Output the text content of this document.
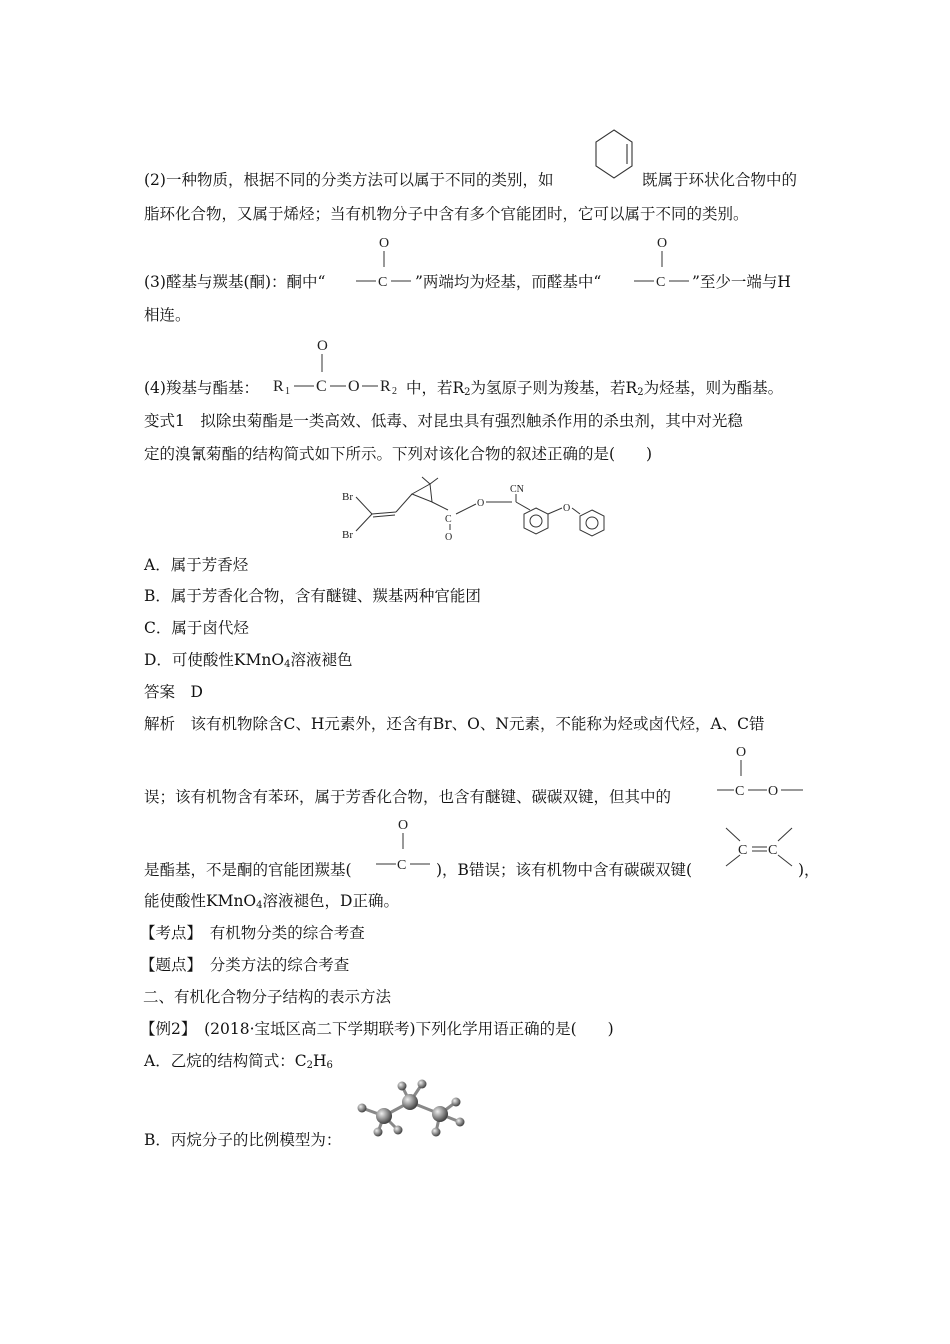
(2)一种物质，根据不同的分类方法可以属于不同的类别，如	既属于环状化合物中的
脂环化合物，又属于烯烃；当有机物分子中含有多个官能团时，它可以属于不同的类别。
(3)醛基与羰基(酮)：酮中“
O
C ”两端均为烃基，而醛基中“
O
C ”至少一端与H
相连。
(4)羧基与酯基：
O
R 1 C O R 2 中，若$R_2$为氢原子则为羧基，若$R_2$为烃基，则为酯基。
变式1　拟除虫菊酯是一类高效、低毒、对昆虫具有强烈触杀作用的杀虫剂，其中对光稳
定的溴氰菊酯的结构简式如下所示。下列对该化合物的叙述正确的是(　　)
Br
Br
C
O
O
CN
O
A．属于芳香烃
B．属于芳香化合物，含有醚键、羰基两种官能团
C．属于卤代烃
D．可使酸性KMnO$_4$溶液褪色
答案　D
解析　该有机物除含C、H元素外，还含有Br、O、N元素，不能称为烃或卤代烃，A、C错
误；该有机物含有苯环，属于芳香化合物，也含有醚键、碳碳双键，但其中的
O
C O
是酯基，不是酮的官能团羰基(
O
C )，B错误；该有机物中含有碳碳双键(
C C
)，
能使酸性KMnO$_4$溶液褪色，D正确。
【考点】　有机物分类的综合考查
【题点】　分类方法的综合考查
二、有机化合物分子结构的表示方法
【例2】　(2018·宝坻区高二下学期联考)下列化学用语正确的是(　　)
A．乙烷的结构简式：$C_2H_6$
B．丙烷分子的比例模型为：
